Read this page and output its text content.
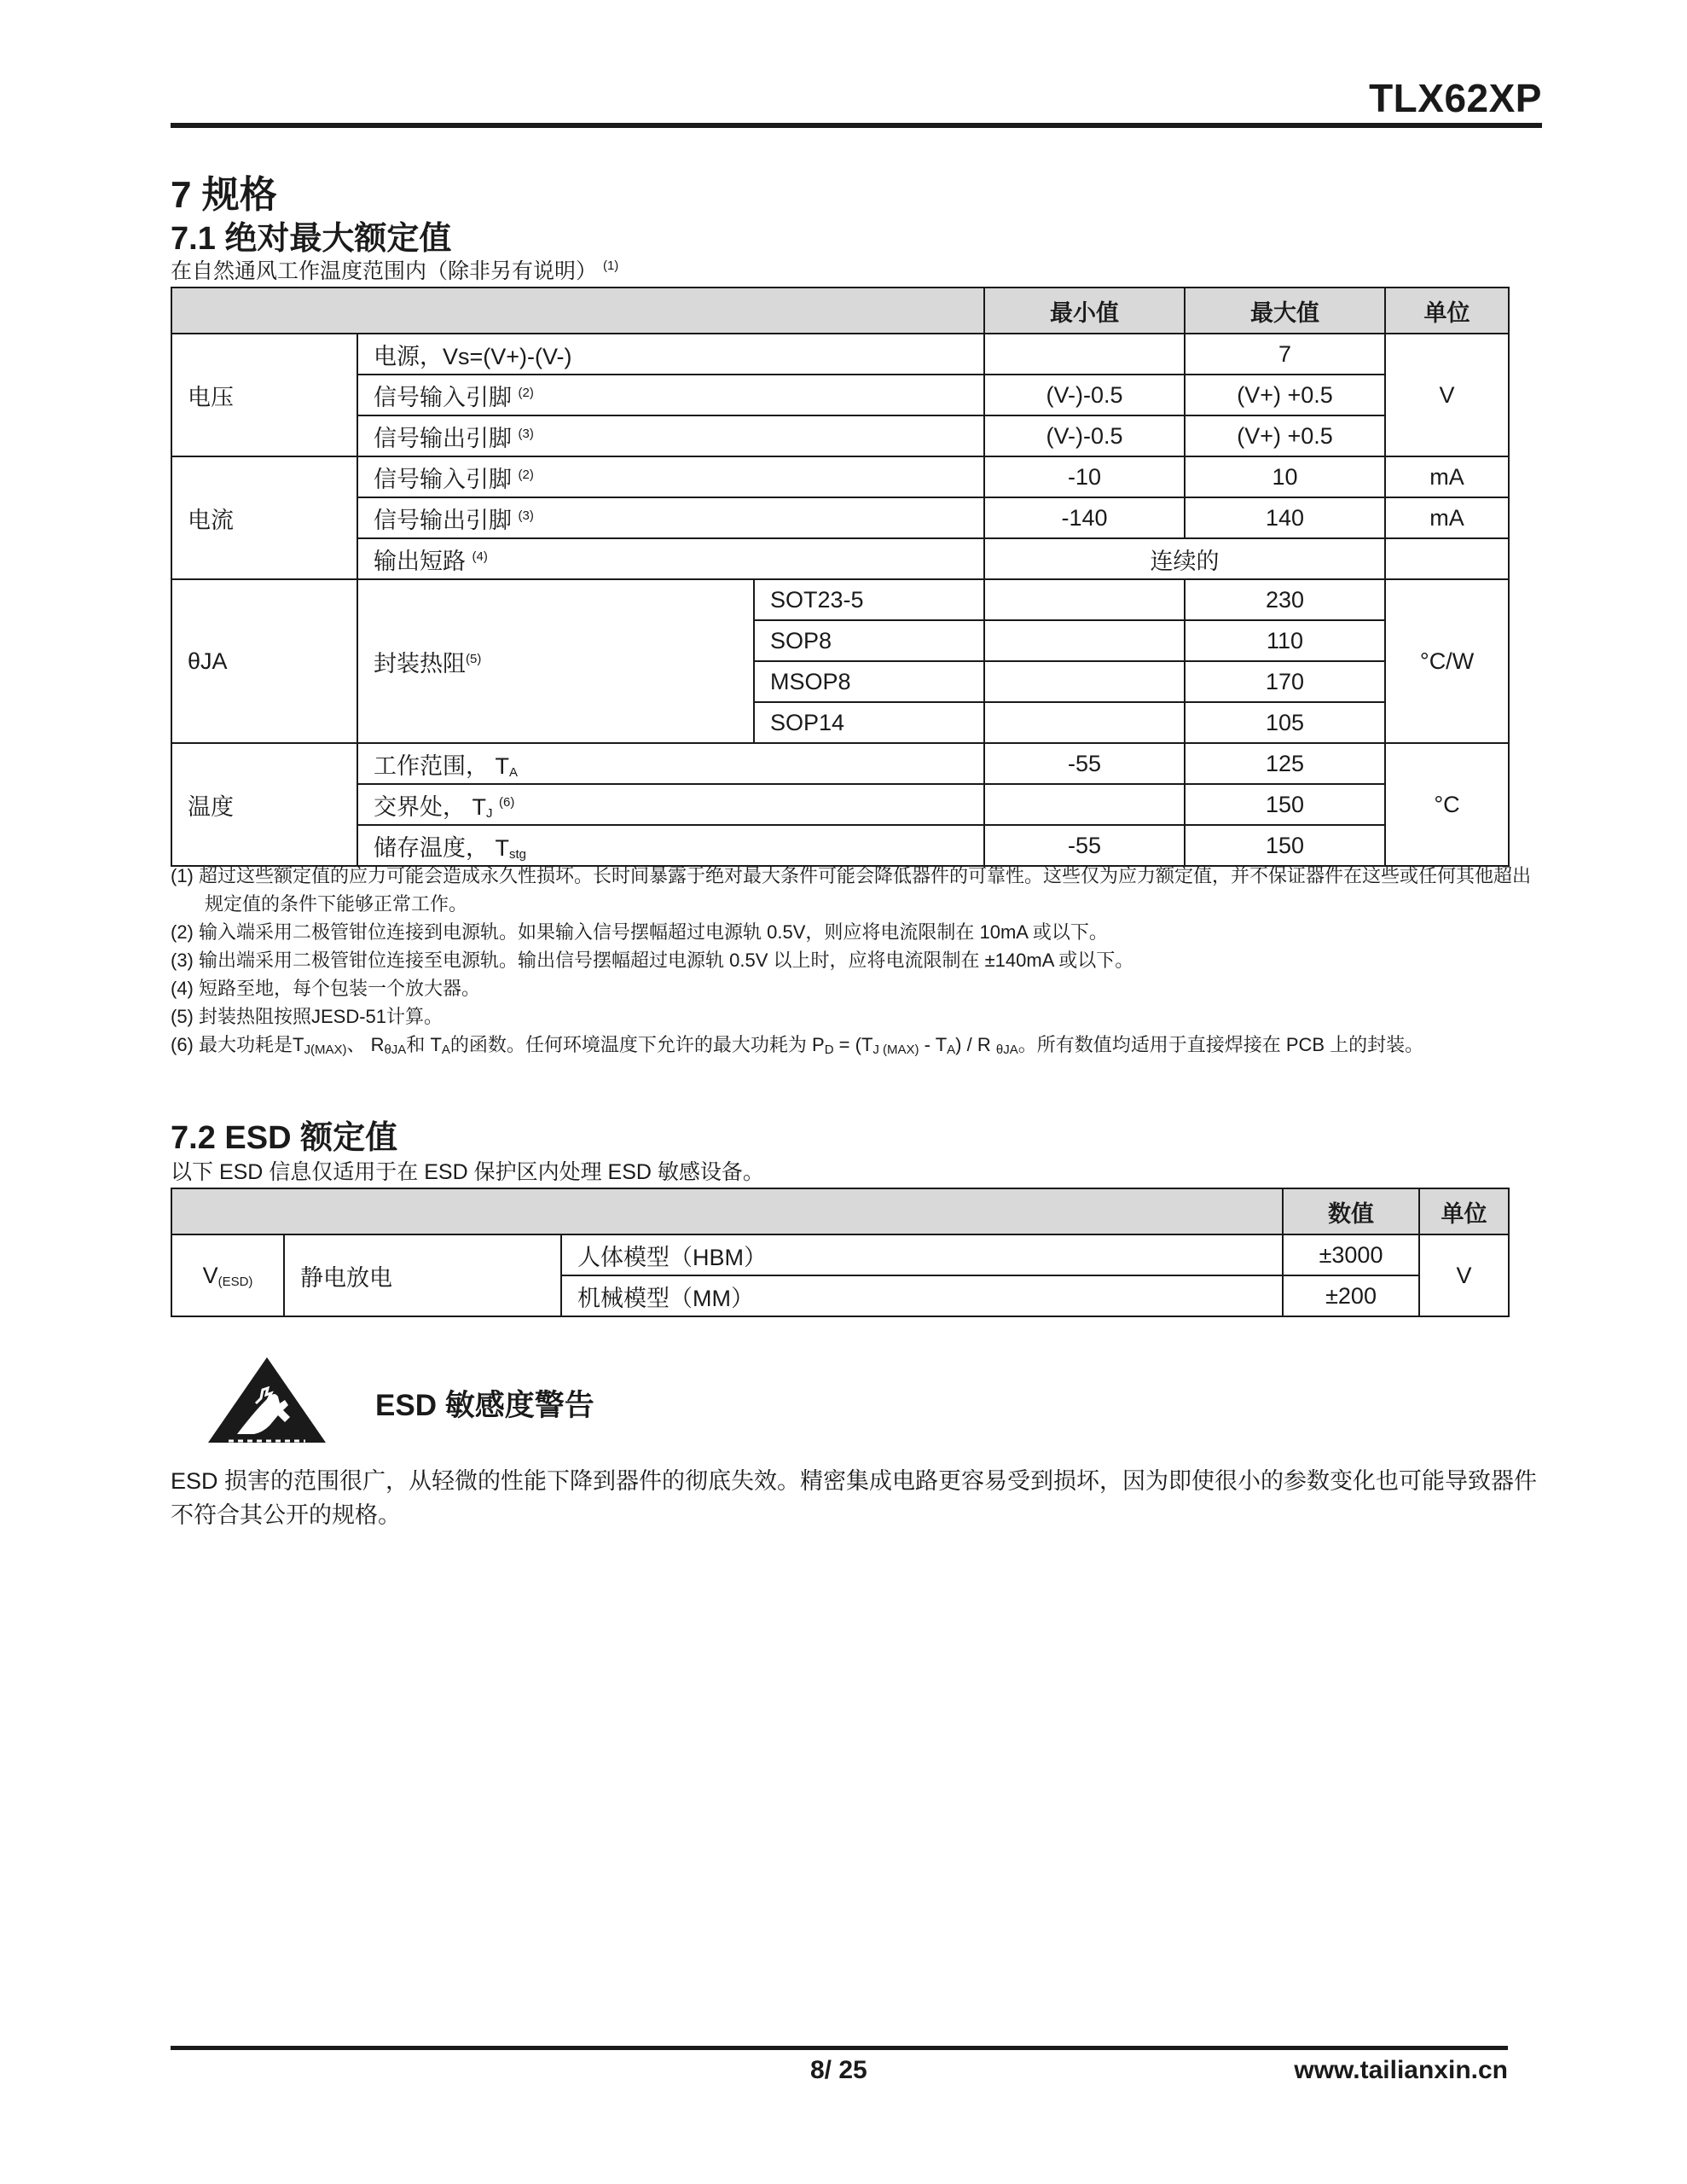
TLX62XP
7 规格
7.1 绝对最大额定值
在自然通风工作温度范围内（除非另有说明） $^{(1)}$
			最小值	最大值	单位
电压	电源，Vs=(V+)-(V-)			7	V
	信号输入引脚 $^{(2)}$		(V-)-0.5	(V+) +0.5	
	信号输出引脚 $^{(3)}$		(V-)-0.5	(V+) +0.5	
电流	信号输入引脚 $^{(2)}$		-10	10	mA
	信号输出引脚 $^{(3)}$		-140	140	mA
	输出短路 $^{(4)}$		连续的		
θJA	封装热阻$^{(5)}$	SOT23-5		230	°C/W
		SOP8		110	
		MSOP8		170	
		SOP14		105	
温度	工作范围， $T_A$		-55	125	°C
	交界处， $T_J$ $^{(6)}$			150	
	储存温度， $T_{stg}$		-55	150	
(1) 超过这些额定值的应力可能会造成永久性损坏。长时间暴露于绝对最大条件可能会降低器件的可靠性。这些仅为应力额定值，并不保证器件在这些或任何其他超出规定值的条件下能够正常工作。
(2) 输入端采用二极管钳位连接到电源轨。如果输入信号摆幅超过电源轨 0.5V，则应将电流限制在 10mA 或以下。
(3) 输出端采用二极管钳位连接至电源轨。输出信号摆幅超过电源轨 0.5V 以上时，应将电流限制在 ±140mA 或以下。
(4) 短路至地，每个包装一个放大器。
(5) 封装热阻按照JESD-51计算。
(6) 最大功耗是$T_{J(MAX)}$、 $R_{\theta JA}$和 $T_A$的函数。任何环境温度下允许的最大功耗为 $P_D = (T_{J (MAX)} - T_A) / R$ $_{\theta JA}$。所有数值均适用于直接焊接在 PCB 上的封装。
7.2 ESD 额定值
以下 ESD 信息仅适用于在 ESD 保护区内处理 ESD 敏感设备。
			数值	单位
$V_{(ESD)}$	静电放电	人体模型（HBM）	±3000	V
		机械模型（MM）	±200	
ESD 敏感度警告
ESD 损害的范围很广，从轻微的性能下降到器件的彻底失效。精密集成电路更容易受到损坏，因为即使很小的参数变化也可能导致器件不符合其公开的规格。
8/ 25	www.tailianxin.cn
